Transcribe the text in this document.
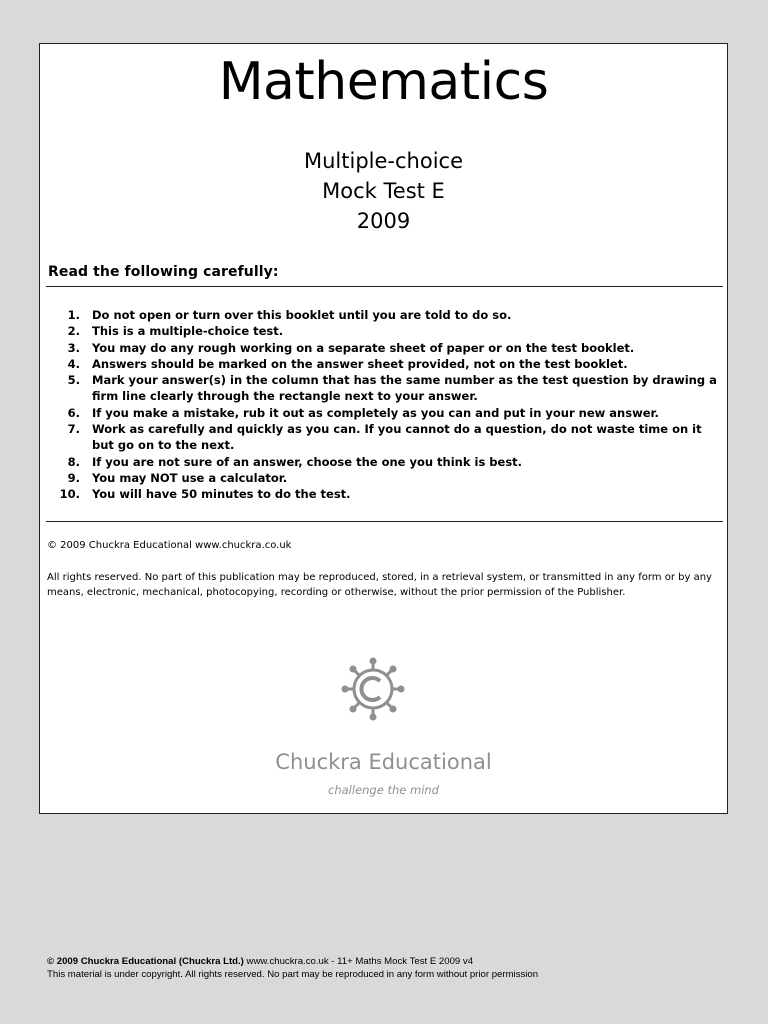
Mathematics
Multiple-choice
Mock Test E
2009
Read the following carefully:
1. Do not open or turn over this booklet until you are told to do so.
2. This is a multiple-choice test.
3. You may do any rough working on a separate sheet of paper or on the test booklet.
4. Answers should be marked on the answer sheet provided, not on the test booklet.
5. Mark your answer(s) in the column that has the same number as the test question by drawing a firm line clearly through the rectangle next to your answer.
6. If you make a mistake, rub it out as completely as you can and put in your new answer.
7. Work as carefully and quickly as you can. If you cannot do a question, do not waste time on it but go on to the next.
8. If you are not sure of an answer, choose the one you think is best.
9. You may NOT use a calculator.
10. You will have 50 minutes to do the test.
© 2009 Chuckra Educational www.chuckra.co.uk
All rights reserved. No part of this publication may be reproduced, stored, in a retrieval system, or transmitted in any form or by any means, electronic, mechanical, photocopying, recording or otherwise, without the prior permission of the Publisher.
Chuckra Educational
challenge the mind
© 2009 Chuckra Educational (Chuckra Ltd.) www.chuckra.co.uk - 11+ Maths Mock Test E 2009 v4
This material is under copyright. All rights reserved. No part may be reproduced in any form without prior permission
